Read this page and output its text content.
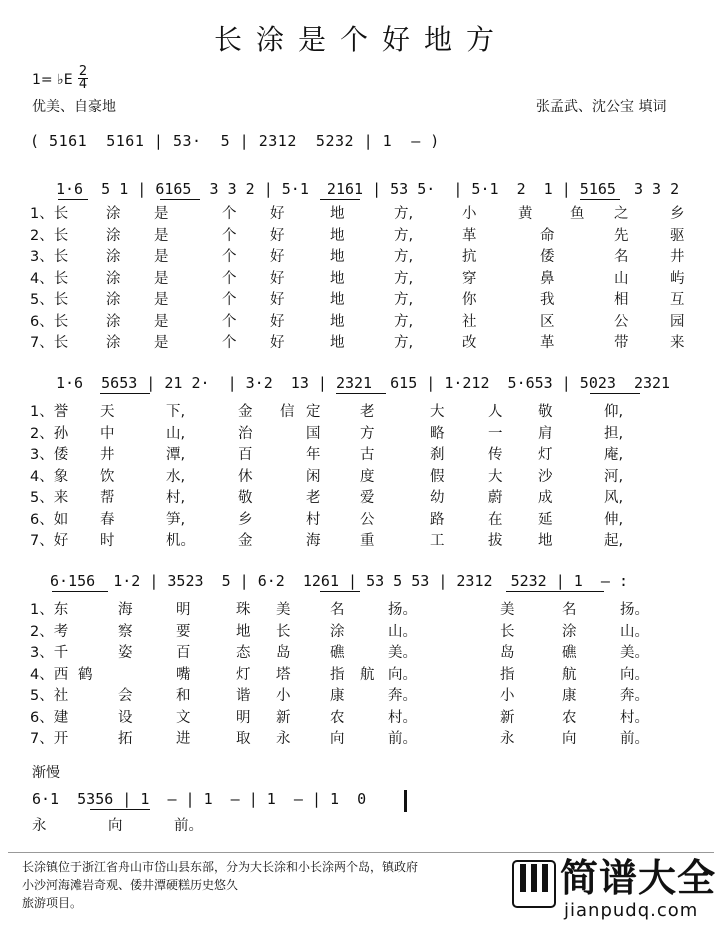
长涂是个好地方
1= ♭E
2
4
优美、自豪地	张孟武、沈公宝 填词
( 5161  5161 | 53·  5 | 2312  5232 | 1  – )
1·6  5 1 | 6165  3 3 2 | 5·1  2161 | 53 5·  | 5·1  2  1 | 5165  3 3 2
1、长	涂 是	个 好	地	方,	小	黄	鱼 之	乡
2、长	涂 是	个 好	地	方,	革	命	先	驱
3、长	涂 是	个 好	地	方,	抗	倭	名	井
4、长	涂 是	个 好	地	方,	穿	鼻	山	屿
5、长	涂 是	个 好	地	方,	你	我	相	互
6、长	涂 是	个 好	地	方,	社	区	公	园
7、长	涂 是	个 好	地	方,	改	革	带	来
1·6  5653 | 21 2·  | 3·2  13 | 2321  615 | 1·212  5·653 | 5023  2321
1、誉 天	下,	金 信 定	老	大	人 敬	仰,
2、孙 中	山,	治	国	方	略	一 肩	担,
3、倭 井	潭,	百	年	古	刹	传 灯	庵,
4、象 饮	水,	休	闲	度	假	大 沙	河,
5、来 帮	村,	敬	老	爱	幼	蔚 成	风,
6、如 春	笋,	乡	村	公	路	在 延	伸,
7、好 时	机。	金	海	重	工	拔 地	起,
6·156  1·2 | 3523  5 | 6·2  1261 | 53 5 53 | 2312  5232 | 1  – :
1、东	海	明	珠 美	名	扬。	美	名	扬。
2、考	察	要	地 长	涂	山。	长	涂	山。
3、千	姿	百	态 岛	礁	美。	岛	礁	美。
4、西 鹤	嘴	灯 塔	指 航 向。	指	航	向。
5、社	会	和	谐 小	康	奔。	小	康	奔。
6、建	设	文	明 新	农	村。	新	农	村。
7、开	拓	进	取 永	向	前。	永	向	前。
渐慢
6·1  5356 | 1  – | 1  – | 1  – | 1  0
永	向	前。
长涂镇位于浙江省舟山市岱山县东部，分为大长涂和小长涂两个岛，镇政府
小沙河海滩岩奇观、倭井潭硬糕历史悠久
旅游项目。
简谱大全
jianpudq.com
